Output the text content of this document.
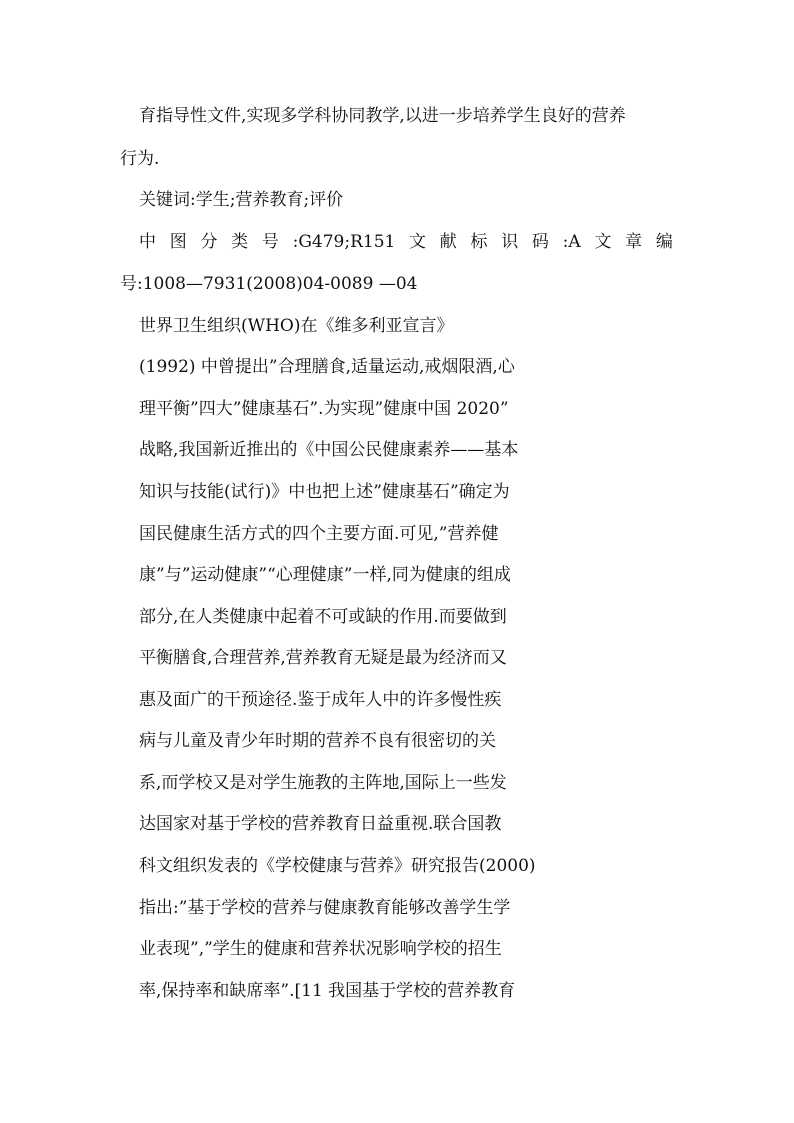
育指导性文件,实现多学科协同教学,以进一步培养学生良好的营养
行为.
关键词:学生;营养教育;评价
中 图 分 类 号 :G479;R151 文 献 标 识 码 :A 文 章 编
号:1008—7931(2008)04-0089 —04
世界卫生组织(WHO)在《维多利亚宣言》
(1992) 中曾提出”合理膳食,适量运动,戒烟限酒,心
理平衡”四大”健康基石”.为实现”健康中国 2020”
战略,我国新近推出的《中国公民健康素养——基本
知识与技能(试行)》中也把上述”健康基石”确定为
国民健康生活方式的四个主要方面.可见,”营养健
康”与”运动健康”“心理健康”一样,同为健康的组成
部分,在人类健康中起着不可或缺的作用.而要做到
平衡膳食,合理营养,营养教育无疑是最为经济而又
惠及面广的干预途径.鉴于成年人中的许多慢性疾
病与儿童及青少年时期的营养不良有很密切的关
系,而学校又是对学生施教的主阵地,国际上一些发
达国家对基于学校的营养教育日益重视.联合国教
科文组织发表的《学校健康与营养》研究报告(2000)
指出:”基于学校的营养与健康教育能够改善学生学
业表现”,”学生的健康和营养状况影响学校的招生
率,保持率和缺席率”.[11 我国基于学校的营养教育
